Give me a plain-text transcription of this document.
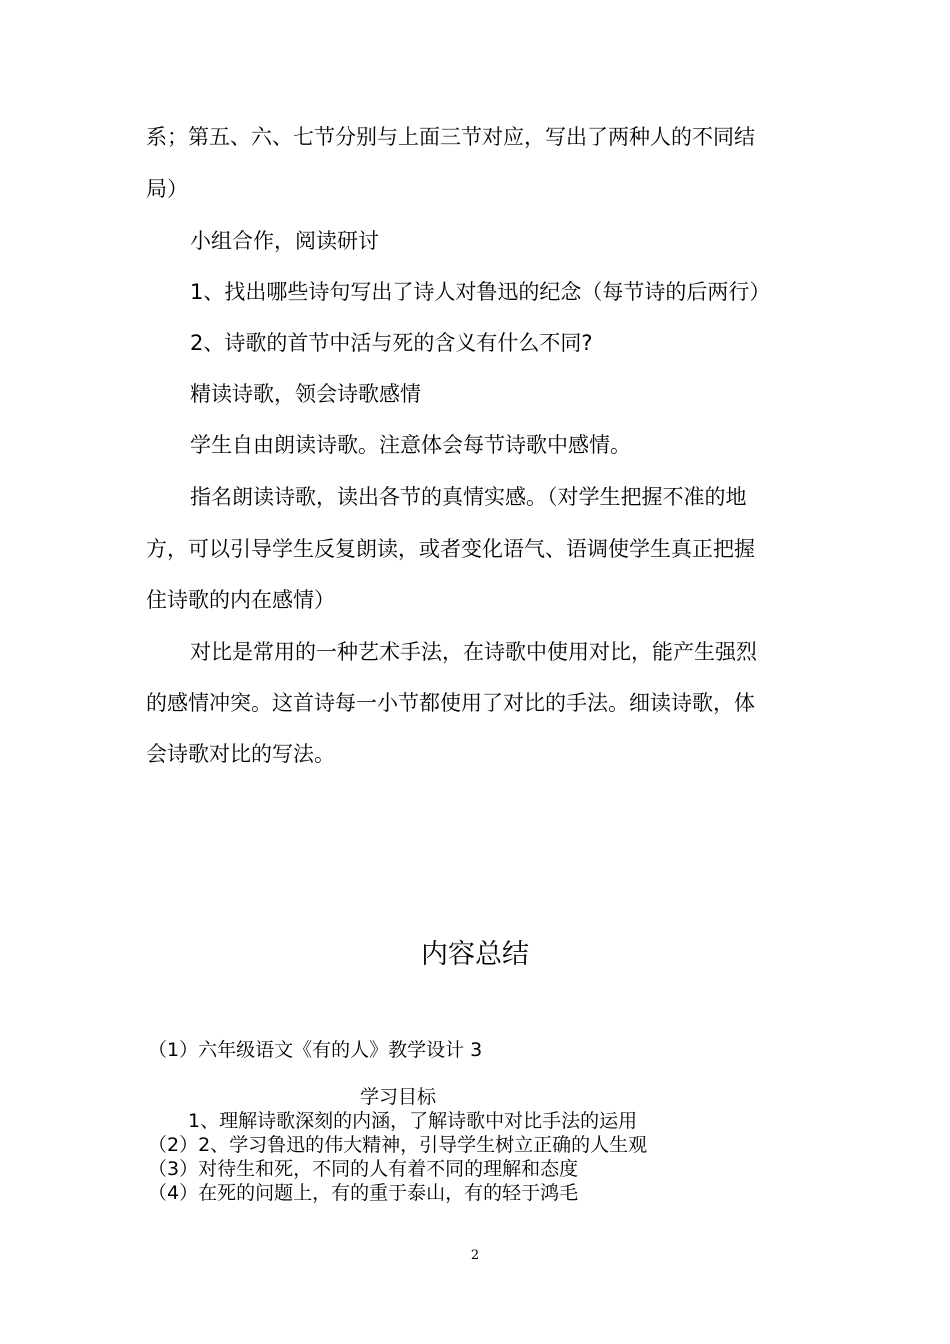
系；第五、六、七节分别与上面三节对应，写出了两种人的不同结
局）
小组合作，阅读研讨
1、找出哪些诗句写出了诗人对鲁迅的纪念（每节诗的后两行）
2、诗歌的首节中活与死的含义有什么不同?
精读诗歌，领会诗歌感情
学生自由朗读诗歌。注意体会每节诗歌中感情。
指名朗读诗歌，读出各节的真情实感。（对学生把握不准的地
方，可以引导学生反复朗读，或者变化语气、语调使学生真正把握
住诗歌的内在感情）
对比是常用的一种艺术手法，在诗歌中使用对比，能产生强烈
的感情冲突。这首诗每一小节都使用了对比的手法。细读诗歌，体
会诗歌对比的写法。
内容总结
（1）六年级语文《有的人》教学设计 3
学习目标
1、理解诗歌深刻的内涵，了解诗歌中对比手法的运用
（2）2、学习鲁迅的伟大精神，引导学生树立正确的人生观
（3）对待生和死，不同的人有着不同的理解和态度
（4）在死的问题上，有的重于泰山，有的轻于鸿毛
2
